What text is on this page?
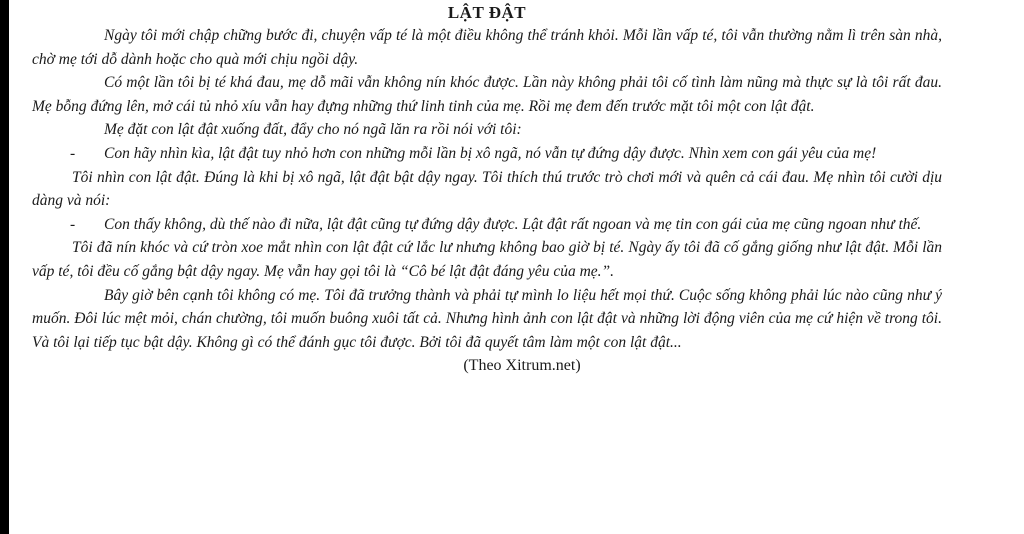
LẬT ĐẬT

Ngày tôi mới chập chững bước đi, chuyện vấp té là một điều không thể tránh khỏi. Mỗi lần vấp té, tôi vẫn thường nằm lì trên sàn nhà, chờ mẹ tới dỗ dành hoặc cho quà mới chịu ngồi dậy.

Có một lần tôi bị té khá đau, mẹ dỗ mãi vẫn không nín khóc được. Lần này không phải tôi cố tình làm nũng mà thực sự là tôi rất đau. Mẹ bỗng đứng lên, mở cái tủ nhỏ xíu vẫn hay đựng những thứ linh tinh của mẹ. Rồi mẹ đem đến trước mặt tôi một con lật đật.

Mẹ đặt con lật đật xuống đất, đẩy cho nó ngã lăn ra rồi nói với tôi:

- Con hãy nhìn kìa, lật đật tuy nhỏ hơn con những mỗi lần bị xô ngã, nó vẫn tự đứng dậy được. Nhìn xem con gái yêu của mẹ!

Tôi nhìn con lật đật. Đúng là khi bị xô ngã, lật đật bật dậy ngay. Tôi thích thú trước trò chơi mới và quên cả cái đau. Mẹ nhìn tôi cười dịu dàng và nói:

- Con thấy không, dù thế nào đi nữa, lật đật cũng tự đứng dậy được. Lật đật rất ngoan và mẹ tin con gái của mẹ cũng ngoan như thế.

Tôi đã nín khóc và cứ tròn xoe mắt nhìn con lật đật cứ lắc lư nhưng không bao giờ bị té. Ngày ấy tôi đã cố gắng giống như lật đật. Mỗi lần vấp té, tôi đều cố gắng bật dậy ngay. Mẹ vẫn hay gọi tôi là “Cô bé lật đật đáng yêu của mẹ.”.

Bây giờ bên cạnh tôi không có mẹ. Tôi đã trưởng thành và phải tự mình lo liệu hết mọi thứ. Cuộc sống không phải lúc nào cũng như ý muốn. Đôi lúc mệt mỏi, chán chường, tôi muốn buông xuôi tất cả. Nhưng hình ảnh con lật đật và những lời động viên của mẹ cứ hiện về trong tôi. Và tôi lại tiếp tục bật dậy. Không gì có thể đánh gục tôi được. Bởi tôi đã quyết tâm làm một con lật đật...

(Theo Xitrum.net)
